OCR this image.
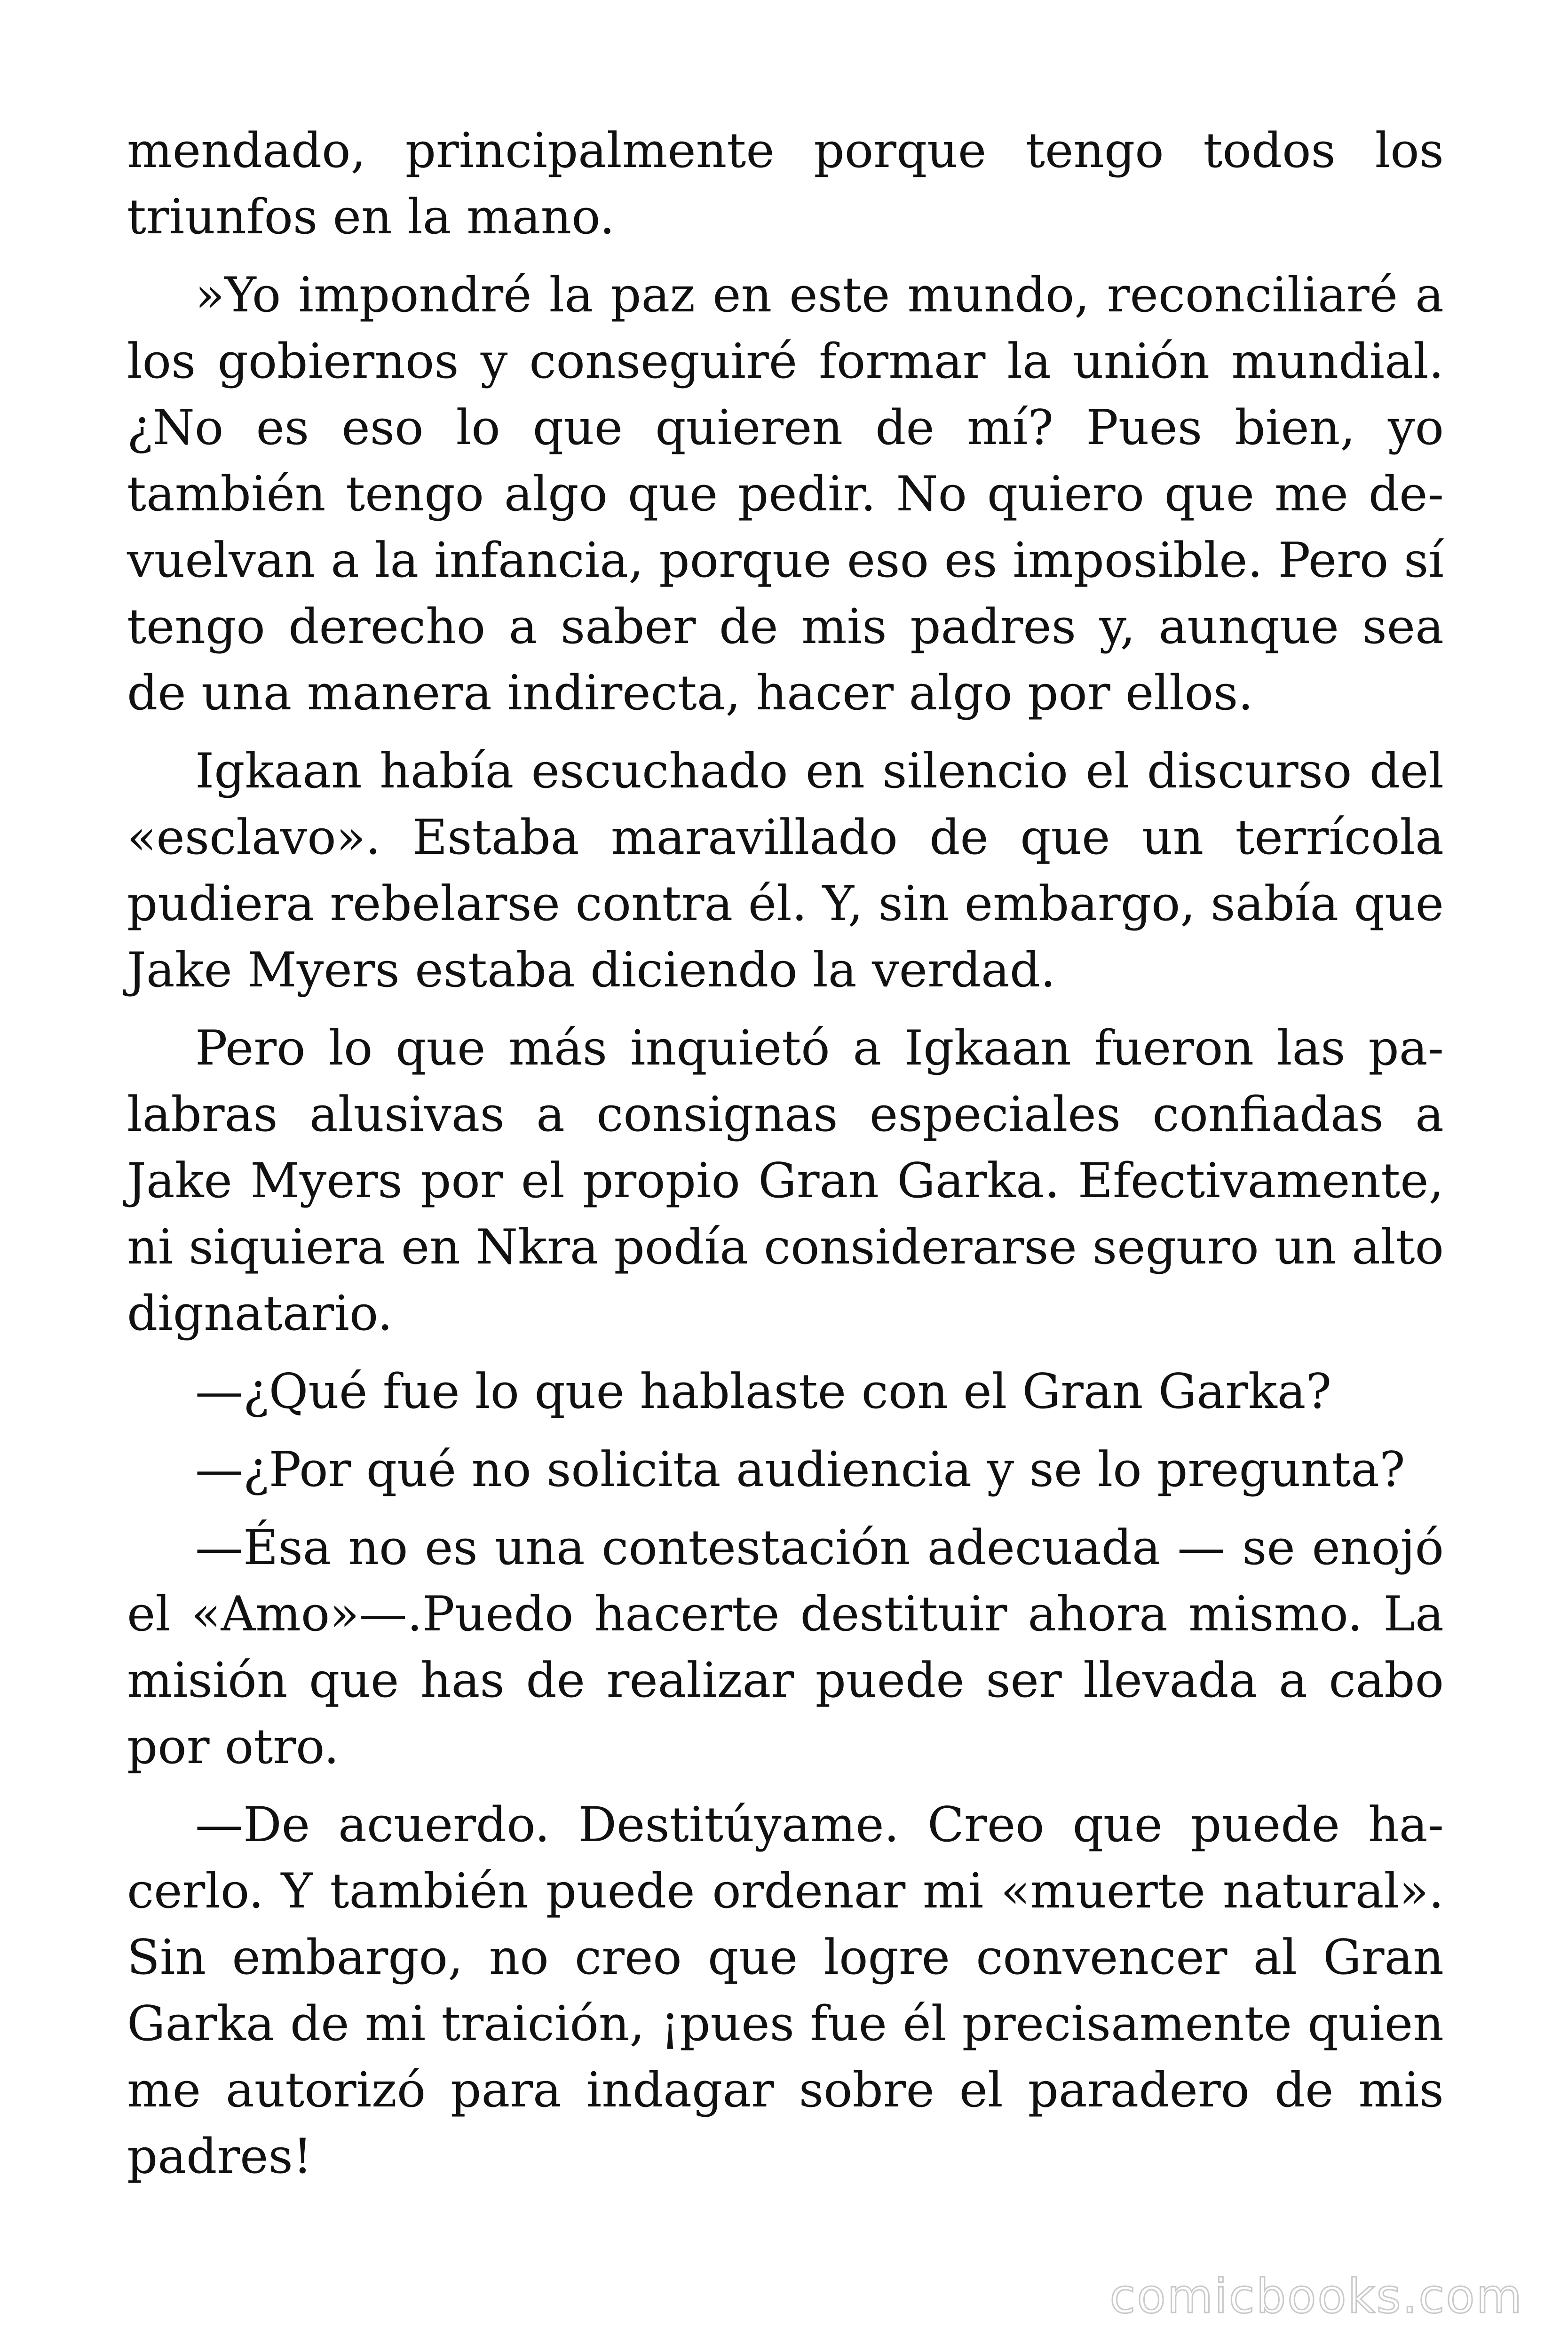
mendado, principalmente porque tengo todos los triunfos en la mano.

»Yo impondré la paz en este mundo, reconciliaré a los gobiernos y conseguiré formar la unión mundial. ¿No es eso lo que quieren de mí? Pues bien, yo también tengo algo que pedir. No quiero que me devuelvan a la infancia, porque eso es imposible. Pero sí tengo derecho a saber de mis padres y, aunque sea de una manera indirecta, hacer algo por ellos.

Igkaan había escuchado en silencio el discurso del «esclavo». Estaba maravillado de que un terrícola pudiera rebelarse contra él. Y, sin embargo, sabía que Jake Myers estaba diciendo la verdad.

Pero lo que más inquietó a Igkaan fueron las palabras alusivas a consignas especiales confiadas a Jake Myers por el propio Gran Garka. Efectivamente, ni siquiera en Nkra podía considerarse seguro un alto dignatario.

—¿Qué fue lo que hablaste con el Gran Garka?

—¿Por qué no solicita audiencia y se lo pregunta?

—Ésa no es una contestación adecuada — se enojó el «Amo»—.Puedo hacerte destituir ahora mismo. La misión que has de realizar puede ser llevada a cabo por otro.

—De acuerdo. Destitúyame. Creo que puede hacerlo. Y también puede ordenar mi «muerte natural». Sin embargo, no creo que logre convencer al Gran Garka de mi traición, ¡pues fue él precisamente quien me autorizó para indagar sobre el paradero de mis padres!

comicbooks.com
